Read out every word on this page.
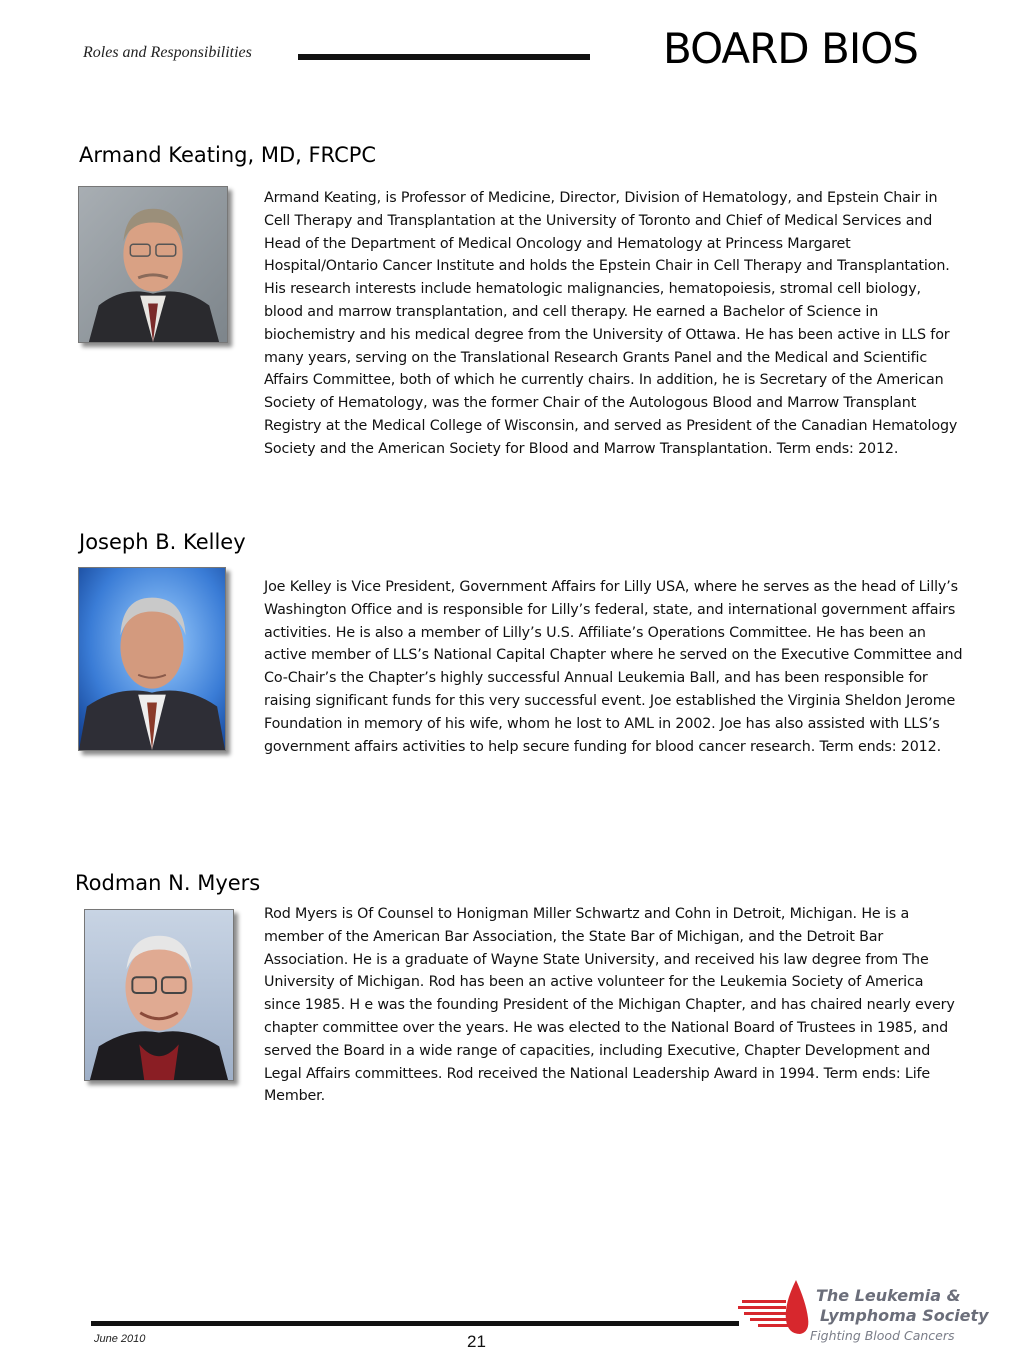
Roles and Responsibilities	BOARD BIOS
Armand Keating, MD, FRCPC
Armand Keating, is Professor of Medicine, Director, Division of Hematology, and Epstein Chair in Cell Therapy and Transplantation at the University of Toronto and Chief of Medical Services and Head of the Department of Medical Oncology and Hematology at Princess Margaret Hospital/Ontario Cancer Institute and holds the Epstein Chair in Cell Therapy and Transplantation. His research interests include hematologic malignancies, hematopoiesis, stromal cell biology, blood and marrow transplantation, and cell therapy. He earned a Bachelor of Science in biochemistry and his medical degree from the University of Ottawa. He has been active in LLS for many years, serving on the Translational Research Grants Panel and the Medical and Scientific Affairs Committee, both of which he currently chairs. In addition, he is Secretary of the American Society of Hematology, was the former Chair of the Autologous Blood and Marrow Transplant Registry at the Medical College of Wisconsin, and served as President of the Canadian Hematology Society and the American Society for Blood and Marrow Transplantation. Term ends: 2012.
Joseph B. Kelley
Joe Kelley is Vice President, Government Affairs for Lilly USA, where he serves as the head of Lilly’s Washington Office and is responsible for Lilly’s federal, state, and international government affairs activities. He is also a member of Lilly’s U.S. Affiliate’s Operations Committee. He has been an active member of LLS’s National Capital Chapter where he served on the Executive Committee and Co-Chair’s the Chapter’s highly successful Annual Leukemia Ball, and has been responsible for raising significant funds for this very successful event. Joe established the Virginia Sheldon Jerome Foundation in memory of his wife, whom he lost to AML in 2002. Joe has also assisted with LLS’s government affairs activities to help secure funding for blood cancer research. Term ends: 2012.
Rodman N. Myers
Rod Myers is Of Counsel to Honigman Miller Schwartz and Cohn in Detroit, Michigan. He is a member of the American Bar Association, the State Bar of Michigan, and the Detroit Bar Association. He is a graduate of Wayne State University, and received his law degree from The University of Michigan. Rod has been an active volunteer for the Leukemia Society of America since 1985. H e was the founding President of the Michigan Chapter, and has chaired nearly every chapter committee over the years. He was elected to the National Board of Trustees in 1985, and served the Board in a wide range of capacities, including Executive, Chapter Development and Legal Affairs committees. Rod received the National Leadership Award in 1994. Term ends: Life Member.
June 2010	21
The Leukemia &
Lymphoma Society
Fighting Blood Cancers
